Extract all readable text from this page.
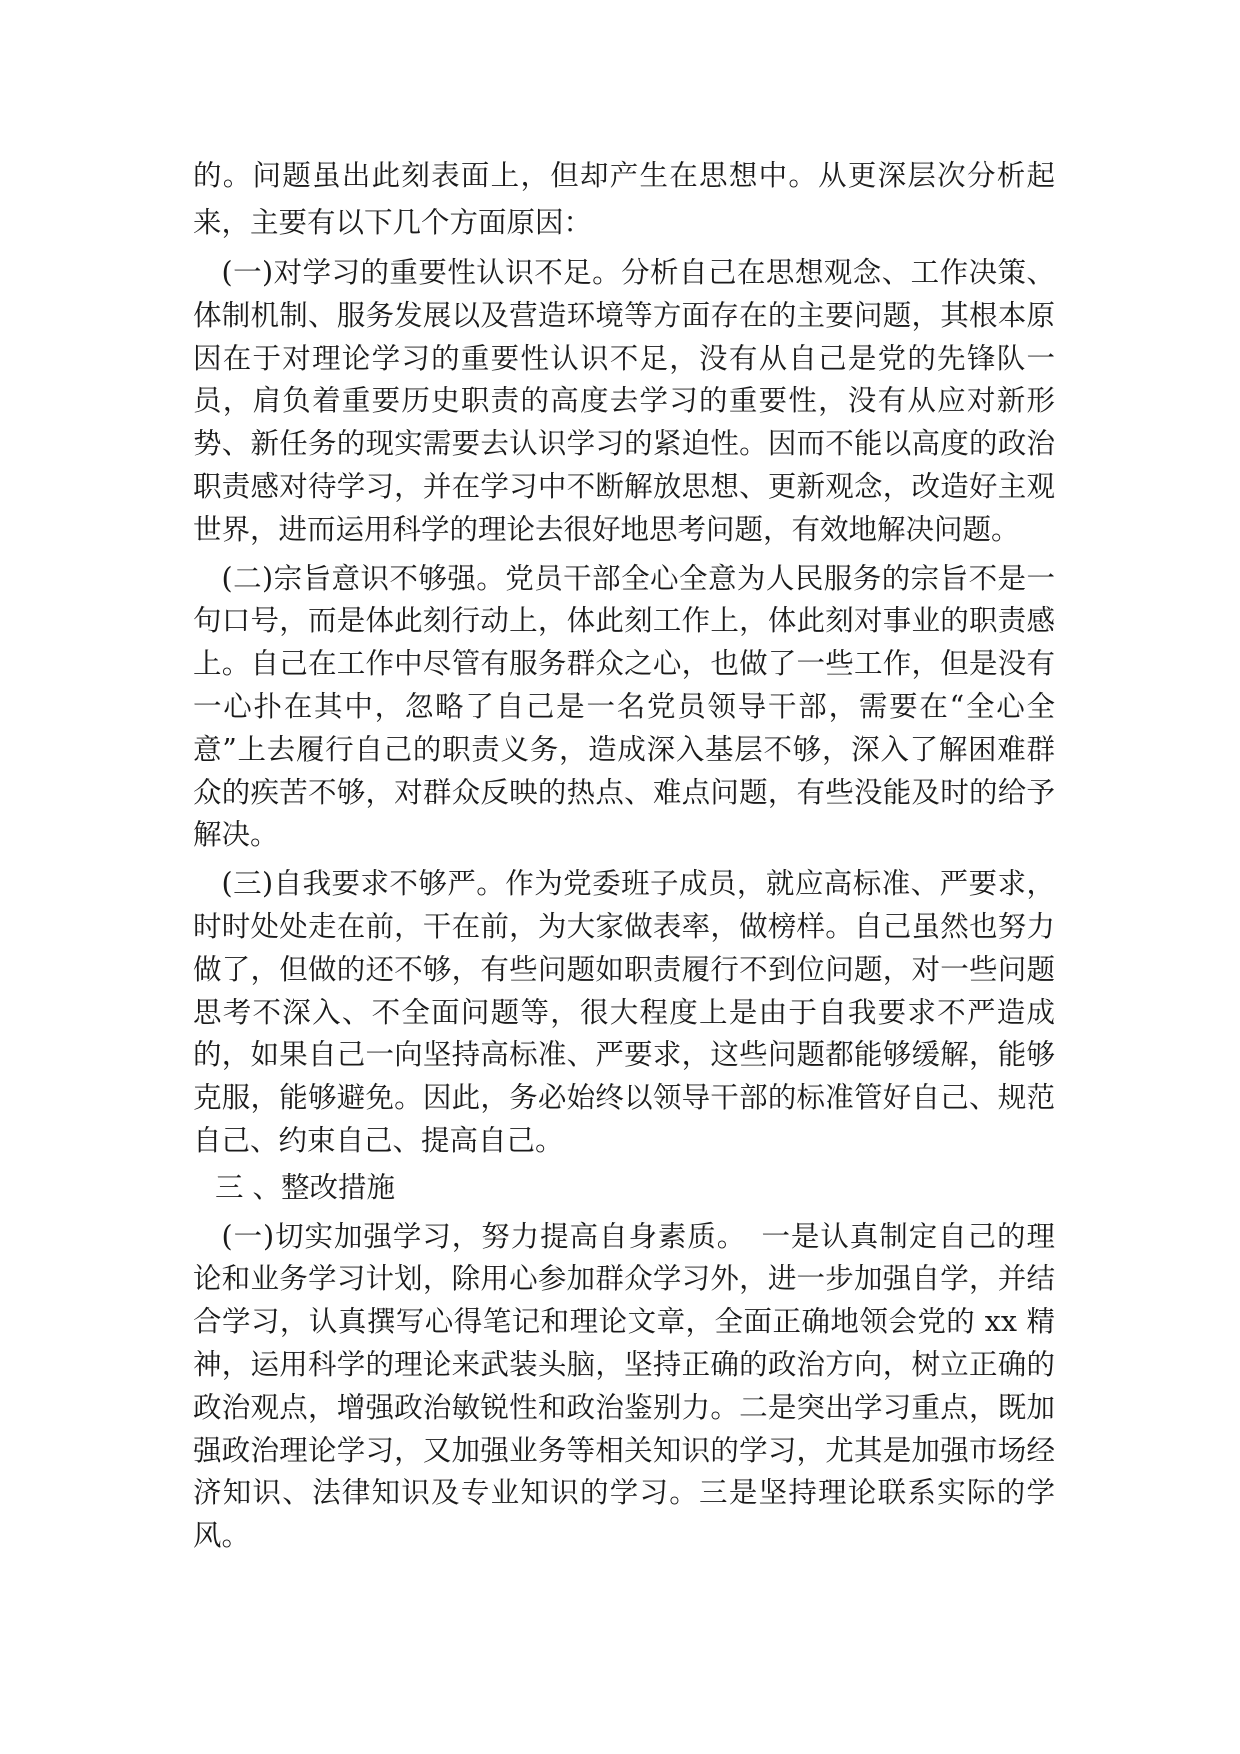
的。问题虽出此刻表面上，但却产生在思想中。从更深层次分析起来，主要有以下几个方面原因：

(一)对学习的重要性认识不足。分析自己在思想观念、工作决策、体制机制、服务发展以及营造环境等方面存在的主要问题，其根本原因在于对理论学习的重要性认识不足，没有从自己是党的先锋队一员，肩负着重要历史职责的高度去学习的重要性，没有从应对新形势、新任务的现实需要去认识学习的紧迫性。因而不能以高度的政治职责感对待学习，并在学习中不断解放思想、更新观念，改造好主观世界，进而运用科学的理论去很好地思考问题，有效地解决问题。

(二)宗旨意识不够强。党员干部全心全意为人民服务的宗旨不是一句口号，而是体此刻行动上，体此刻工作上，体此刻对事业的职责感上。自己在工作中尽管有服务群众之心，也做了一些工作，但是没有一心扑在其中，忽略了自己是一名党员领导干部，需要在“全心全意”上去履行自己的职责义务，造成深入基层不够，深入了解困难群众的疾苦不够，对群众反映的热点、难点问题，有些没能及时的给予解决。

(三)自我要求不够严。作为党委班子成员，就应高标准、严要求，时时处处走在前，干在前，为大家做表率，做榜样。自己虽然也努力做了，但做的还不够，有些问题如职责履行不到位问题，对一些问题思考不深入、不全面问题等，很大程度上是由于自我要求不严造成的，如果自己一向坚持高标准、严要求，这些问题都能够缓解，能够克服，能够避免。因此，务必始终以领导干部的标准管好自己、规范自己、约束自己、提高自己。

三 、整改措施

(一)切实加强学习，努力提高自身素质。　一是认真制定自己的理论和业务学习计划，除用心参加群众学习外，进一步加强自学，并结合学习，认真撰写心得笔记和理论文章，全面正确地领会党的 xx 精神，运用科学的理论来武装头脑，坚持正确的政治方向，树立正确的政治观点，增强政治敏锐性和政治鉴别力。二是突出学习重点，既加强政治理论学习，又加强业务等相关知识的学习，尤其是加强市场经济知识、法律知识及专业知识的学习。三是坚持理论联系实际的学风。
